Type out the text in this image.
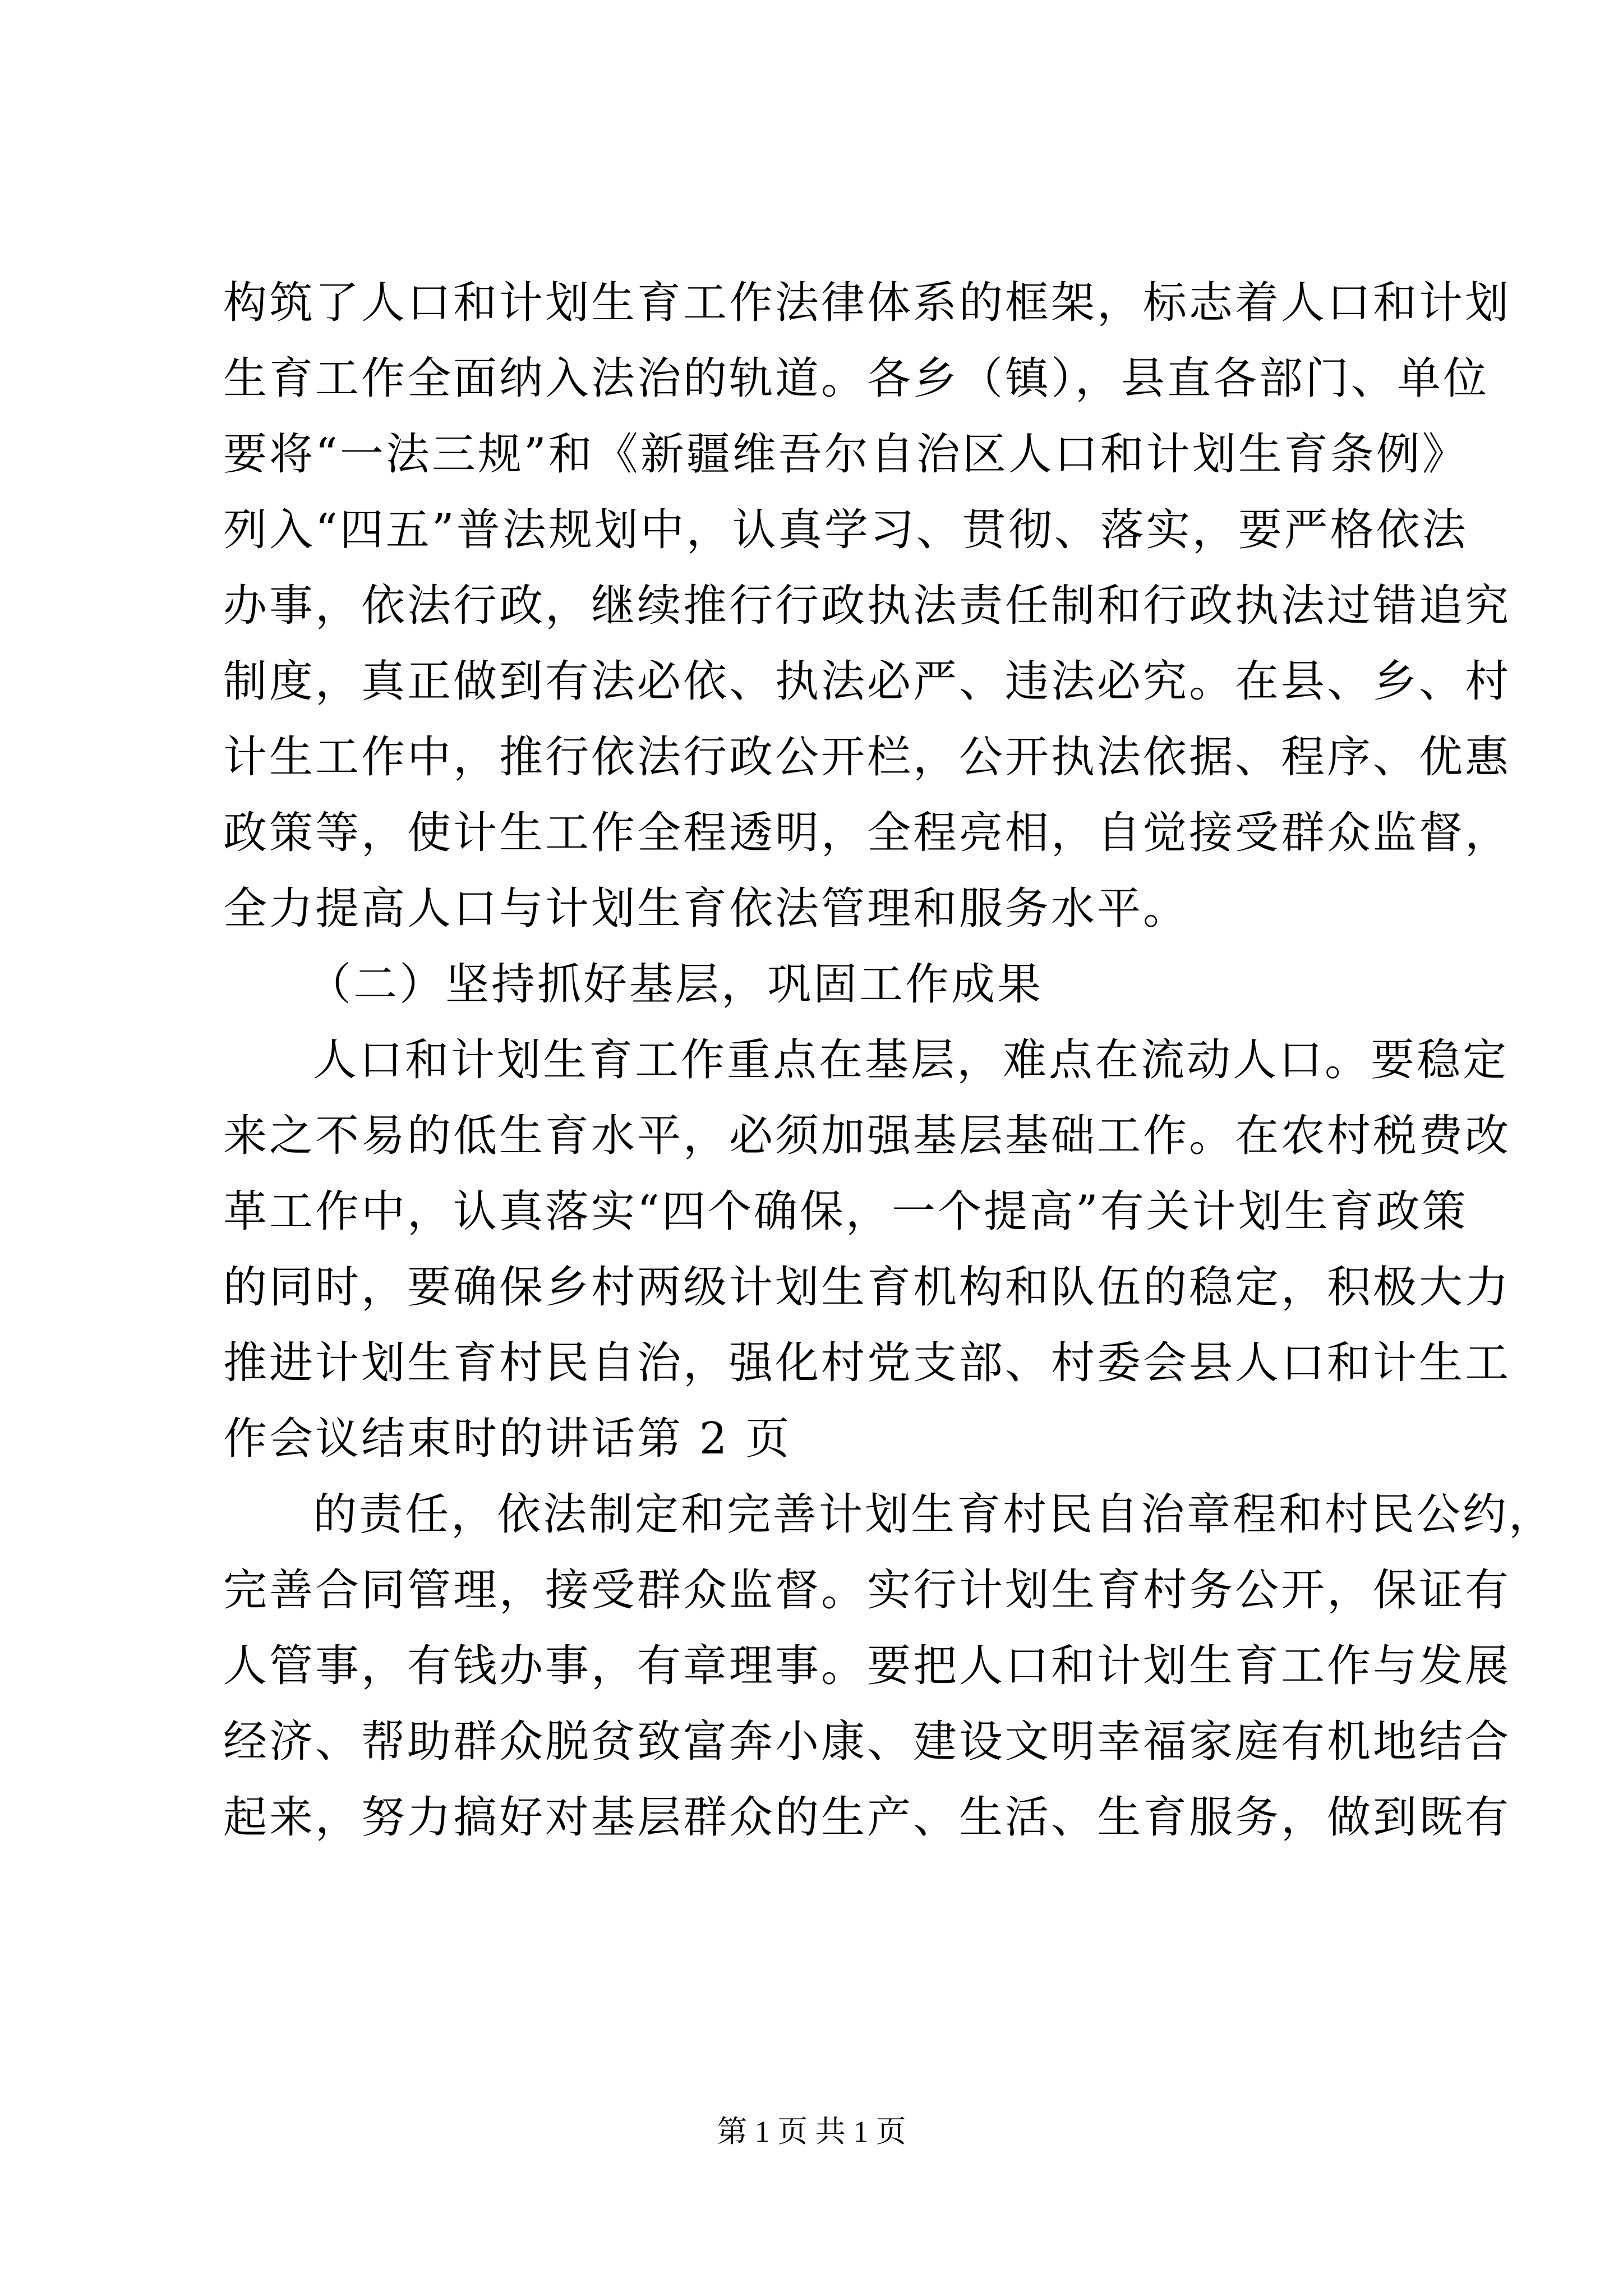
构筑了人口和计划生育工作法律体系的框架，标志着人口和计划
生育工作全面纳入法治的轨道。各乡（镇），县直各部门、单位
要将“一法三规”和《新疆维吾尔自治区人口和计划生育条例》
列入“四五”普法规划中，认真学习、贯彻、落实，要严格依法
办事，依法行政，继续推行行政执法责任制和行政执法过错追究
制度，真正做到有法必依、执法必严、违法必究。在县、乡、村
计生工作中，推行依法行政公开栏，公开执法依据、程序、优惠
政策等，使计生工作全程透明，全程亮相，自觉接受群众监督，
全力提高人口与计划生育依法管理和服务水平。
（二）坚持抓好基层，巩固工作成果
人口和计划生育工作重点在基层，难点在流动人口。要稳定
来之不易的低生育水平，必须加强基层基础工作。在农村税费改
革工作中，认真落实“四个确保，一个提高”有关计划生育政策
的同时，要确保乡村两级计划生育机构和队伍的稳定，积极大力
推进计划生育村民自治，强化村党支部、村委会县人口和计生工
作会议结束时的讲话第 2 页
的责任，依法制定和完善计划生育村民自治章程和村民公约，
完善合同管理，接受群众监督。实行计划生育村务公开，保证有
人管事，有钱办事，有章理事。要把人口和计划生育工作与发展
经济、帮助群众脱贫致富奔小康、建设文明幸福家庭有机地结合
起来，努力搞好对基层群众的生产、生活、生育服务，做到既有
第 1 页 共 1 页
